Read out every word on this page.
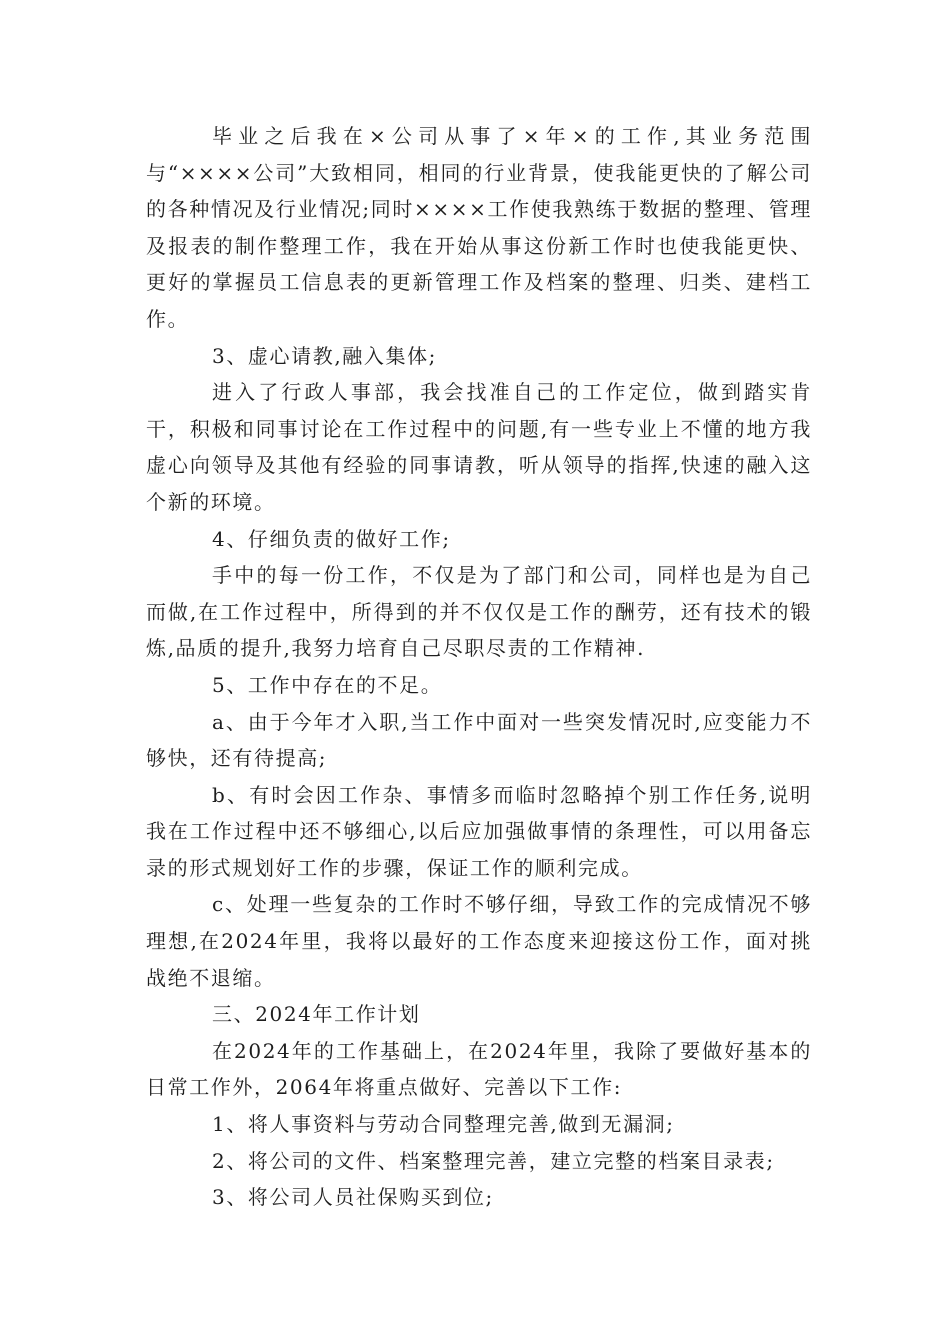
毕业之后我在×公司从事了×年×的工作,其业务范围与“××××公司”大致相同，相同的行业背景，使我能更快的了解公司的各种情况及行业情况;同时××××工作使我熟练于数据的整理、管理及报表的制作整理工作，我在开始从事这份新工作时也使我能更快、更好的掌握员工信息表的更新管理工作及档案的整理、归类、建档工作。

3、虚心请教,融入集体;

进入了行政人事部，我会找准自己的工作定位，做到踏实肯干，积极和同事讨论在工作过程中的问题,有一些专业上不懂的地方我虚心向领导及其他有经验的同事请教，听从领导的指挥,快速的融入这个新的环境。

4、仔细负责的做好工作;

手中的每一份工作，不仅是为了部门和公司，同样也是为自己而做,在工作过程中，所得到的并不仅仅是工作的酬劳，还有技术的锻炼,品质的提升,我努力培育自己尽职尽责的工作精神.

5、工作中存在的不足。

a、由于今年才入职,当工作中面对一些突发情况时,应变能力不够快，还有待提高;

b、有时会因工作杂、事情多而临时忽略掉个别工作任务,说明我在工作过程中还不够细心,以后应加强做事情的条理性，可以用备忘录的形式规划好工作的步骤，保证工作的顺利完成。

c、处理一些复杂的工作时不够仔细，导致工作的完成情况不够理想,在2024年里，我将以最好的工作态度来迎接这份工作，面对挑战绝不退缩。

三、2024年工作计划

在2024年的工作基础上，在2024年里，我除了要做好基本的日常工作外，2064年将重点做好、完善以下工作:

1、将人事资料与劳动合同整理完善,做到无漏洞;

2、将公司的文件、档案整理完善，建立完整的档案目录表;

3、将公司人员社保购买到位;
